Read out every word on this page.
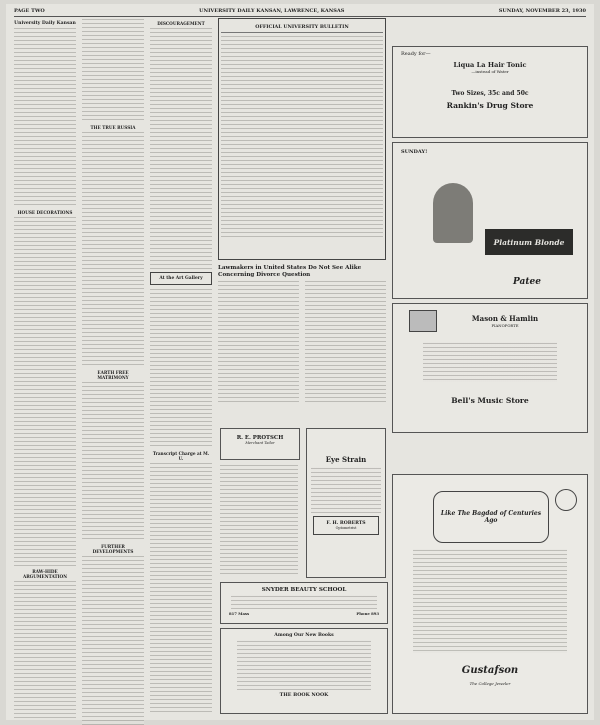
PAGE TWO	UNIVERSITY DAILY KANSAN, LAWRENCE, KANSAS	SUNDAY, NOVEMBER 23, 1930
University Daily Kansan
HOUSE DECORATIONS
RAW-HIDE ARGUMENTATION
THE TRUE RUSSIA
EARTH FREE MATRIMONY
FURTHER DEVELOPMENTS
DISCOURAGEMENT
At the Art Gallery
Transcript Charge at M. U.
OFFICIAL UNIVERSITY BULLETIN
Lawmakers in United States Do Not See Alike Concerning Divorce Question
R. E. PROTSCH
Merchant Tailor
Eye Strain
F. H. ROBERTS
Optometrist
SNYDER BEAUTY SCHOOL
817 Mass	Phone 893
Among Our New Books
THE BOOK NOOK
Ready for—
Liqua La Hair Tonic
—instead of Water
Two Sizes, 35c and 50c
Rankin's Drug Store
SUNDAY!
Platinum Blonde
Patee
Mason & Hamlin
PIANOFORTE
Bell's Music Store
Like The Bagdad of Centuries Ago
Gustafson
The College Jeweler
